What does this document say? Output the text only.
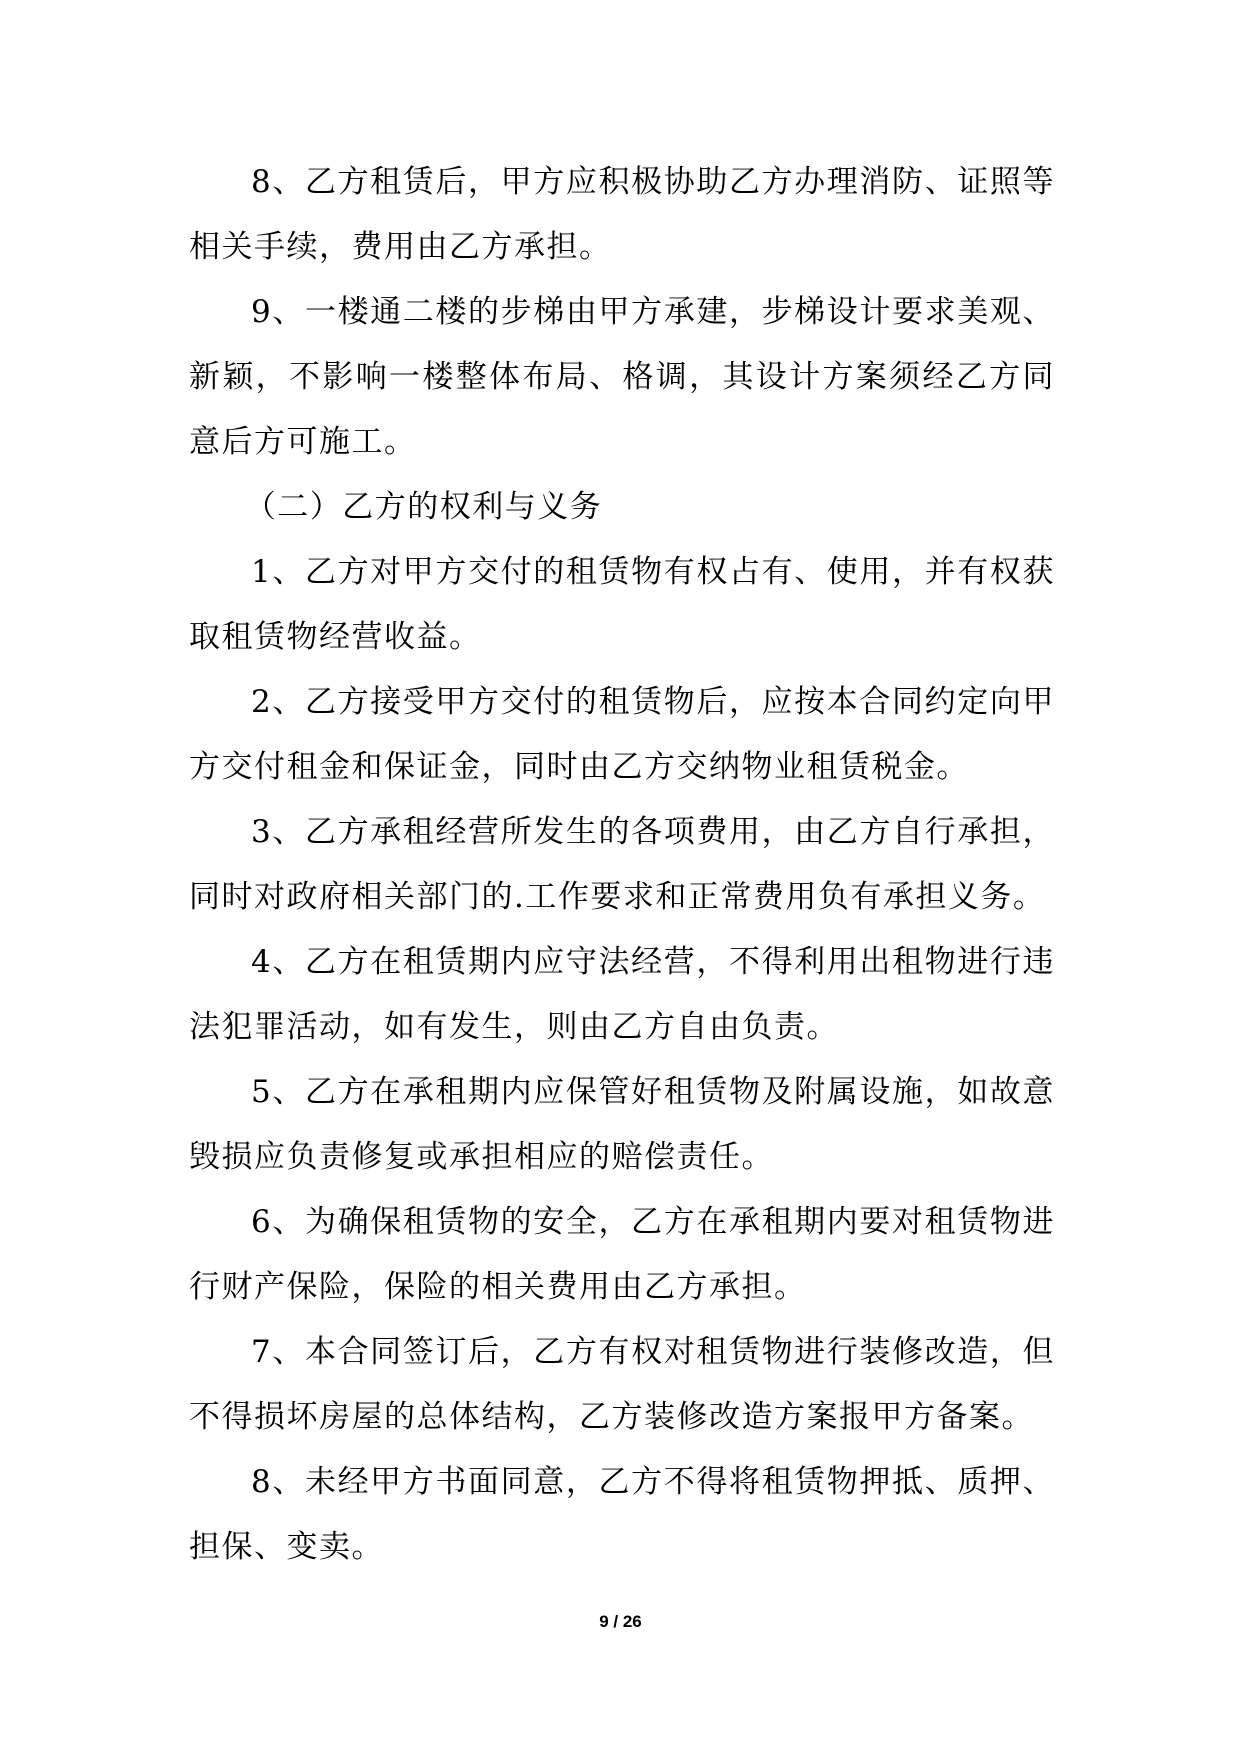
8、乙方租赁后，甲方应积极协助乙方办理消防、证照等相关手续，费用由乙方承担。

9、一楼通二楼的步梯由甲方承建，步梯设计要求美观、新颖，不影响一楼整体布局、格调，其设计方案须经乙方同意后方可施工。

（二）乙方的权利与义务

1、乙方对甲方交付的租赁物有权占有、使用，并有权获取租赁物经营收益。

2、乙方接受甲方交付的租赁物后，应按本合同约定向甲方交付租金和保证金，同时由乙方交纳物业租赁税金。

3、乙方承租经营所发生的各项费用，由乙方自行承担，同时对政府相关部门的.工作要求和正常费用负有承担义务。

4、乙方在租赁期内应守法经营，不得利用出租物进行违法犯罪活动，如有发生，则由乙方自由负责。

5、乙方在承租期内应保管好租赁物及附属设施，如故意毁损应负责修复或承担相应的赔偿责任。

6、为确保租赁物的安全，乙方在承租期内要对租赁物进行财产保险，保险的相关费用由乙方承担。

7、本合同签订后，乙方有权对租赁物进行装修改造，但不得损坏房屋的总体结构，乙方装修改造方案报甲方备案。

8、未经甲方书面同意，乙方不得将租赁物押抵、质押、担保、变卖。

9 / 26
